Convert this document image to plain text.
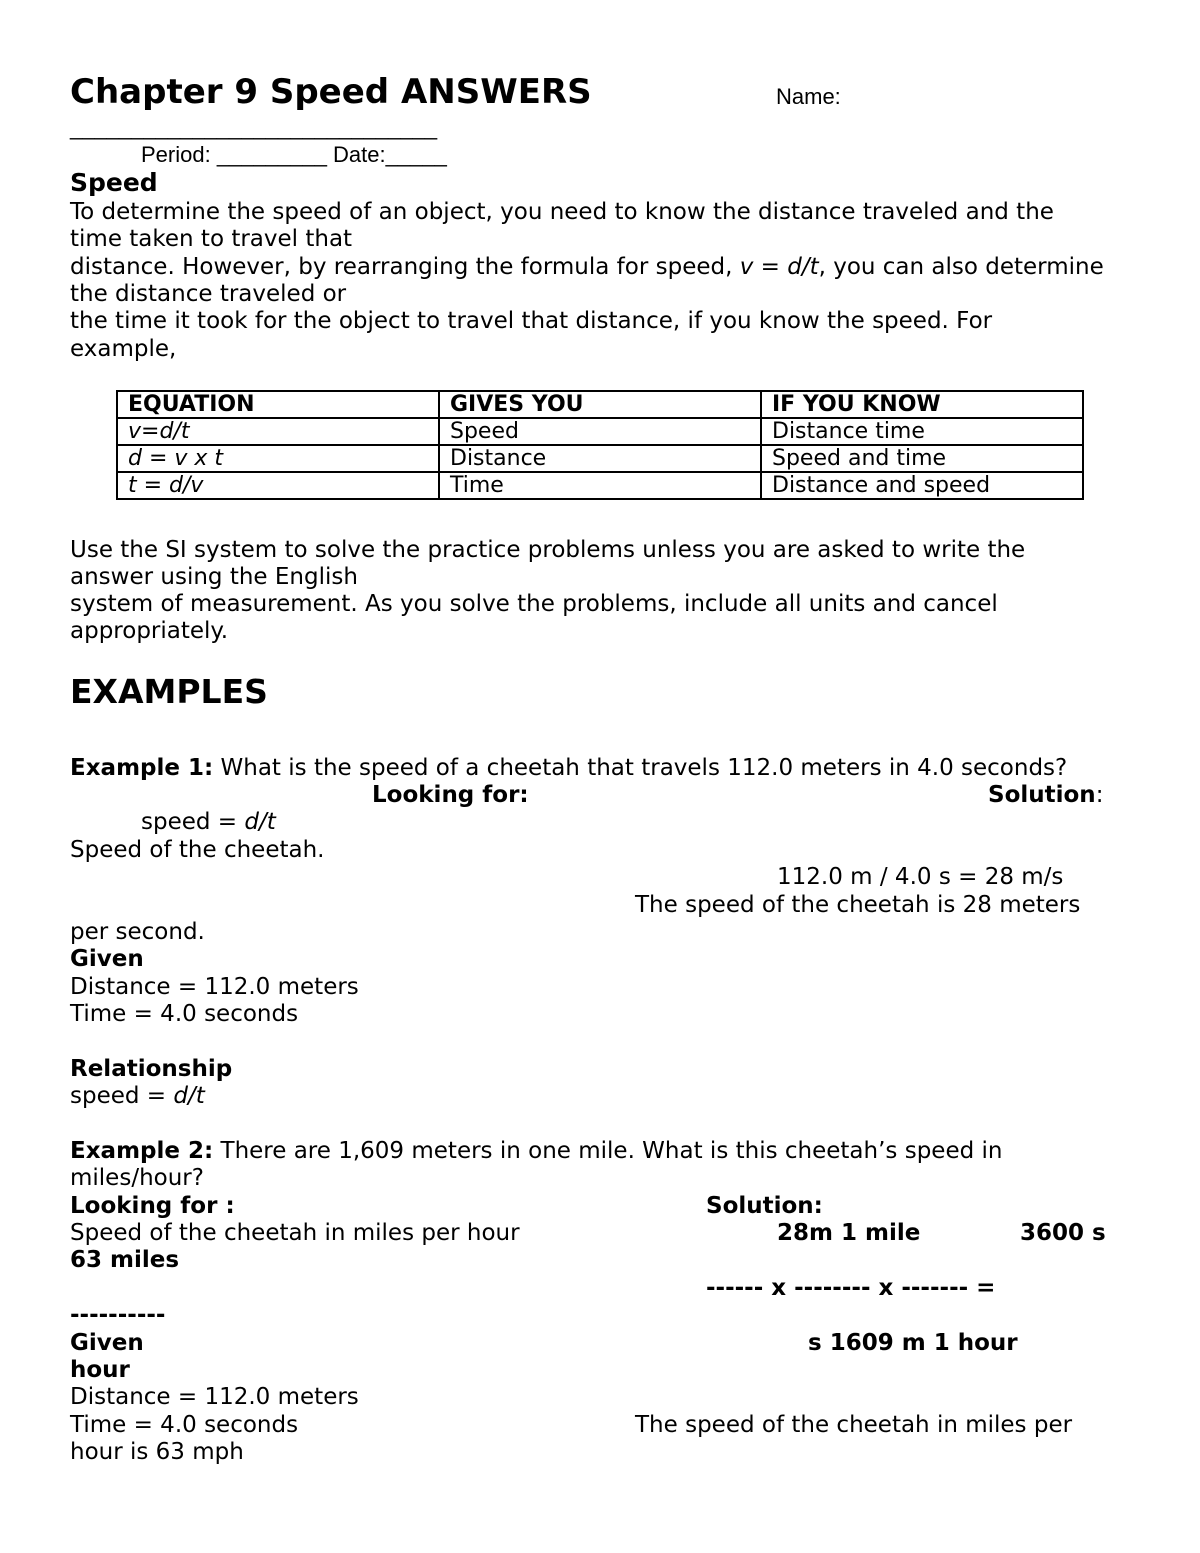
Chapter 9 Speed ANSWERS	Name:
______________________________
Period: _________ Date:_____
Speed
To determine the speed of an object, you need to know the distance traveled and the
time taken to travel that
distance. However, by rearranging the formula for speed, v = d/t, you can also determine
the distance traveled or
the time it took for the object to travel that distance, if you know the speed. For
example,
EQUATION	GIVES YOU	IF YOU KNOW
v=d/t	Speed	Distance time
d = v x t	Distance	Speed and time
t = d/v	Time	Distance and speed
Use the SI system to solve the practice problems unless you are asked to write the
answer using the English
system of measurement. As you solve the problems, include all units and cancel
appropriately.
EXAMPLES
Example 1: What is the speed of a cheetah that travels 112.0 meters in 4.0 seconds?
Looking for:	Solution:
speed = d/t
Speed of the cheetah.
112.0 m / 4.0 s = 28 m/s
The speed of the cheetah is 28 meters
per second.
Given
Distance = 112.0 meters
Time = 4.0 seconds
Relationship
speed = d/t
Example 2: There are 1,609 meters in one mile. What is this cheetah’s speed in
miles/hour?
Looking for :	Solution:
Speed of the cheetah in miles per hour	28m 1 mile	3600 s
63 miles
------ x -------- x ------- =
----------
Given	s 1609 m 1 hour
hour
Distance = 112.0 meters
Time = 4.0 seconds	The speed of the cheetah in miles per
hour is 63 mph
